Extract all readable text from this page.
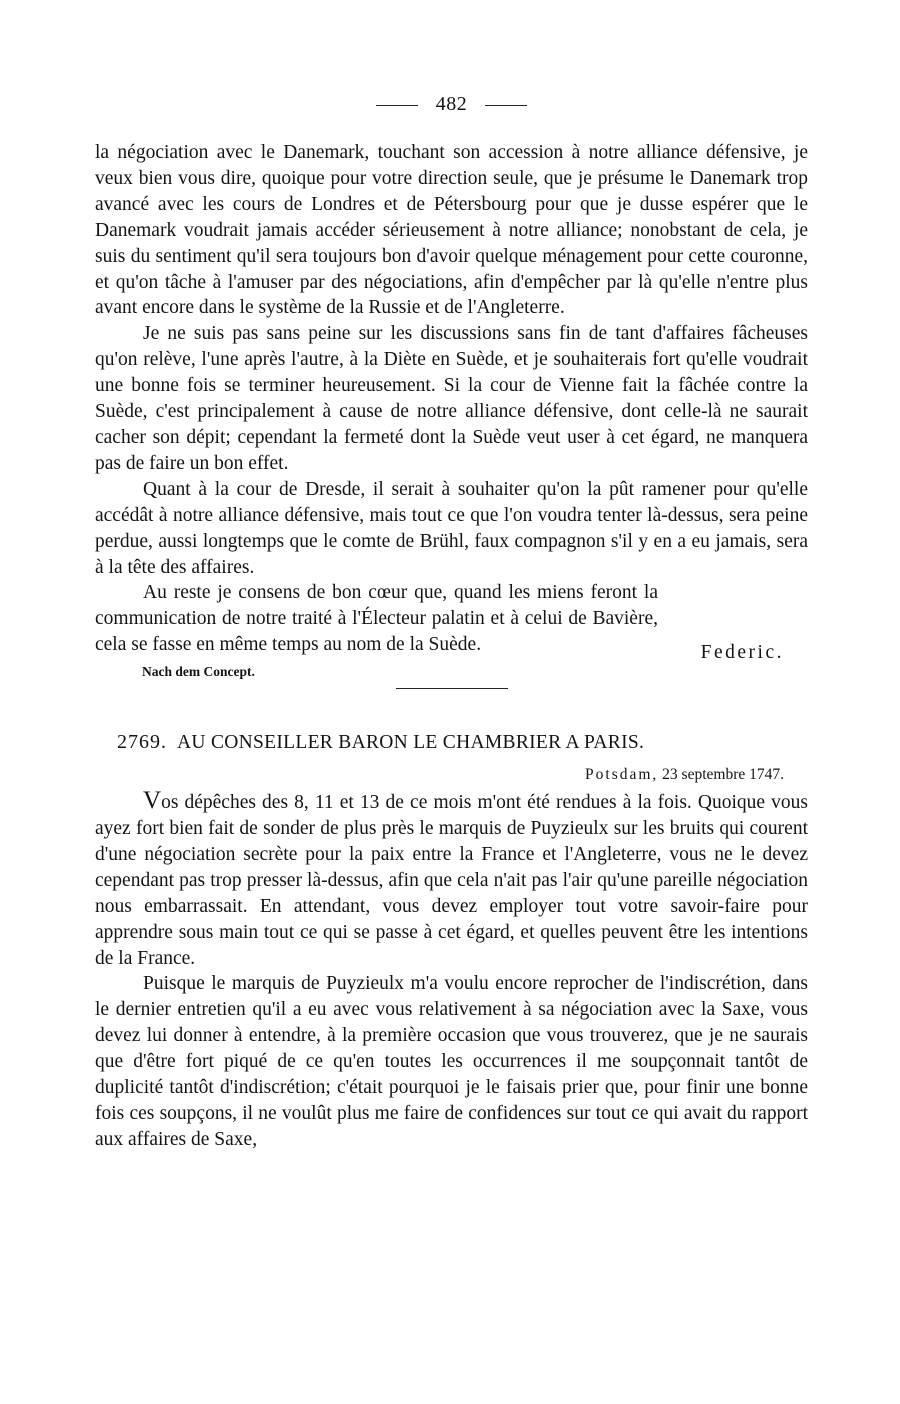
482

la négociation avec le Danemark, touchant son accession à notre alliance défensive, je veux bien vous dire, quoique pour votre direction seule, que je présume le Danemark trop avancé avec les cours de Londres et de Pétersbourg pour que je dusse espérer que le Danemark voudrait jamais accéder sérieusement à notre alliance; nonobstant de cela, je suis du sentiment qu'il sera toujours bon d'avoir quelque ménagement pour cette couronne, et qu'on tâche à l'amuser par des négociations, afin d'empêcher par là qu'elle n'entre plus avant encore dans le système de la Russie et de l'Angleterre.

Je ne suis pas sans peine sur les discussions sans fin de tant d'affaires fâcheuses qu'on relève, l'une après l'autre, à la Diète en Suède, et je souhaiterais fort qu'elle voudrait une bonne fois se terminer heureusement. Si la cour de Vienne fait la fâchée contre la Suède, c'est principalement à cause de notre alliance défensive, dont celle-là ne saurait cacher son dépit; cependant la fermeté dont la Suède veut user à cet égard, ne manquera pas de faire un bon effet.

Quant à la cour de Dresde, il serait à souhaiter qu'on la pût ramener pour qu'elle accédât à notre alliance défensive, mais tout ce que l'on voudra tenter là-dessus, sera peine perdue, aussi longtemps que le comte de Brühl, faux compagnon s'il y en a eu jamais, sera à la tête des affaires.

Au reste je consens de bon cœur que, quand les miens feront la communication de notre traité à l'Électeur palatin et à celui de Bavière, cela se fasse en même temps au nom de la Suède.	Federic.
Nach dem Concept.
2769. AU CONSEILLER BARON LE CHAMBRIER A PARIS.
Potsdam, 23 septembre 1747.

Vos dépêches des 8, 11 et 13 de ce mois m'ont été rendues à la fois. Quoique vous ayez fort bien fait de sonder de plus près le marquis de Puyzieulx sur les bruits qui courent d'une négociation secrète pour la paix entre la France et l'Angleterre, vous ne le devez cependant pas trop presser là-dessus, afin que cela n'ait pas l'air qu'une pareille négociation nous embarrassait. En attendant, vous devez employer tout votre savoir-faire pour apprendre sous main tout ce qui se passe à cet égard, et quelles peuvent être les intentions de la France.

Puisque le marquis de Puyzieulx m'a voulu encore reprocher de l'indiscrétion, dans le dernier entretien qu'il a eu avec vous relativement à sa négociation avec la Saxe, vous devez lui donner à entendre, à la première occasion que vous trouverez, que je ne saurais que d'être fort piqué de ce qu'en toutes les occurrences il me soupçonnait tantôt de duplicité tantôt d'indiscrétion; c'était pourquoi je le faisais prier que, pour finir une bonne fois ces soupçons, il ne voulût plus me faire de confidences sur tout ce qui avait du rapport aux affaires de Saxe,
